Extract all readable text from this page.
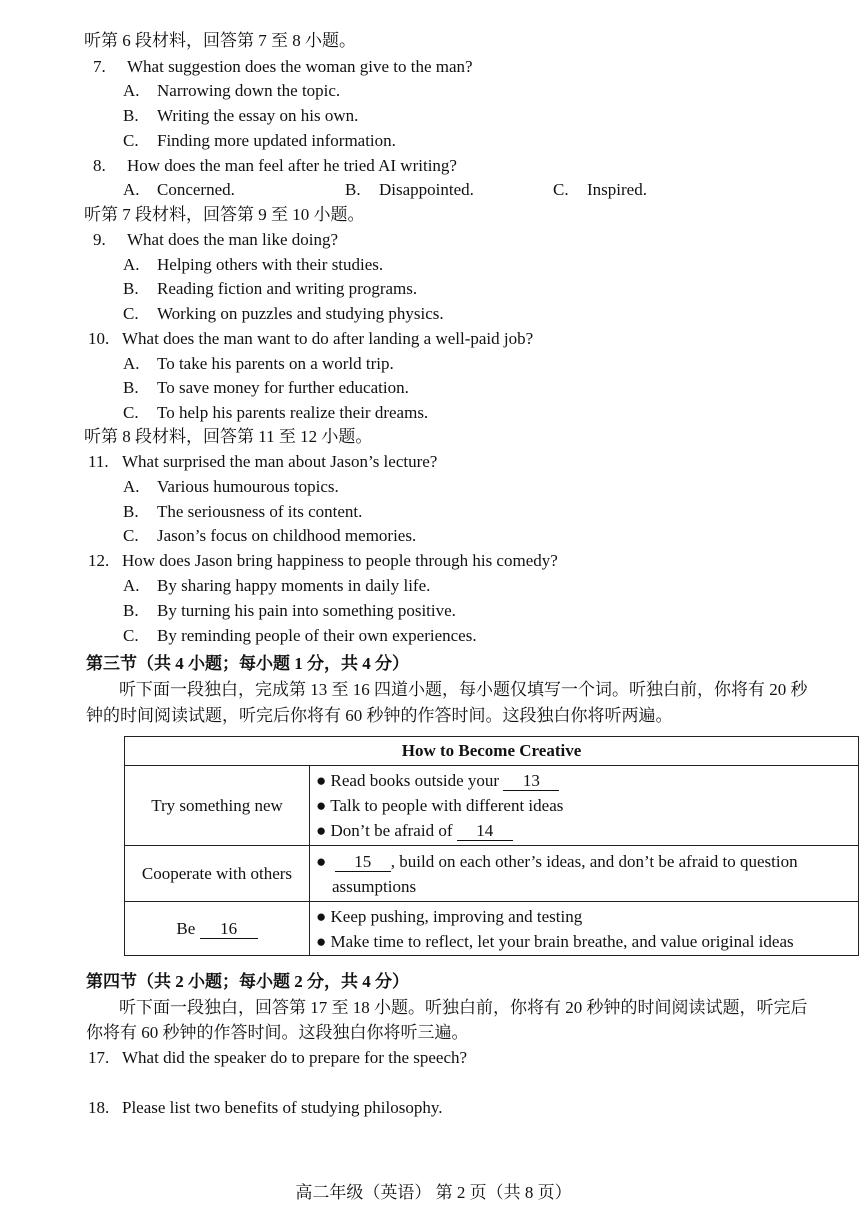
听第 6 段材料，回答第 7 至 8 小题。
7. What suggestion does the woman give to the man?
A. Narrowing down the topic.
B. Writing the essay on his own.
C. Finding more updated information.
8. How does the man feel after he tried AI writing?
A. Concerned.	B. Disappointed.	C. Inspired.
听第 7 段材料，回答第 9 至 10 小题。
9. What does the man like doing?
A. Helping others with their studies.
B. Reading fiction and writing programs.
C. Working on puzzles and studying physics.
10. What does the man want to do after landing a well-paid job?
A. To take his parents on a world trip.
B. To save money for further education.
C. To help his parents realize their dreams.
听第 8 段材料，回答第 11 至 12 小题。
11. What surprised the man about Jason’s lecture?
A. Various humourous topics.
B. The seriousness of its content.
C. Jason’s focus on childhood memories.
12. How does Jason bring happiness to people through his comedy?
A. By sharing happy moments in daily life.
B. By turning his pain into something positive.
C. By reminding people of their own experiences.
第三节（共 4 小题；每小题 1 分，共 4 分）
听下面一段独白，完成第 13 至 16 四道小题，每小题仅填写一个词。听独白前，你将有 20 秒
钟的时间阅读试题，听完后你将有 60 秒钟的作答时间。这段独白你将听两遍。
How to Become Creative	
Try something new	● Read books outside your 13
● Talk to people with different ideas
● Don’t be afraid of 14

Cooperate with others	● 15 , build on each other’s ideas, and don’t be afraid to question
assumptions

Be 16	● Keep pushing, improving and testing
● Make time to reflect, let your brain breathe, and value original ideas
第四节（共 2 小题；每小题 2 分，共 4 分）
听下面一段独白，回答第 17 至 18 小题。听独白前，你将有 20 秒钟的时间阅读试题，听完后
你将有 60 秒钟的作答时间。这段独白你将听三遍。
17. What did the speaker do to prepare for the speech?
18. Please list two benefits of studying philosophy.
高二年级（英语） 第 2 页（共 8 页）
